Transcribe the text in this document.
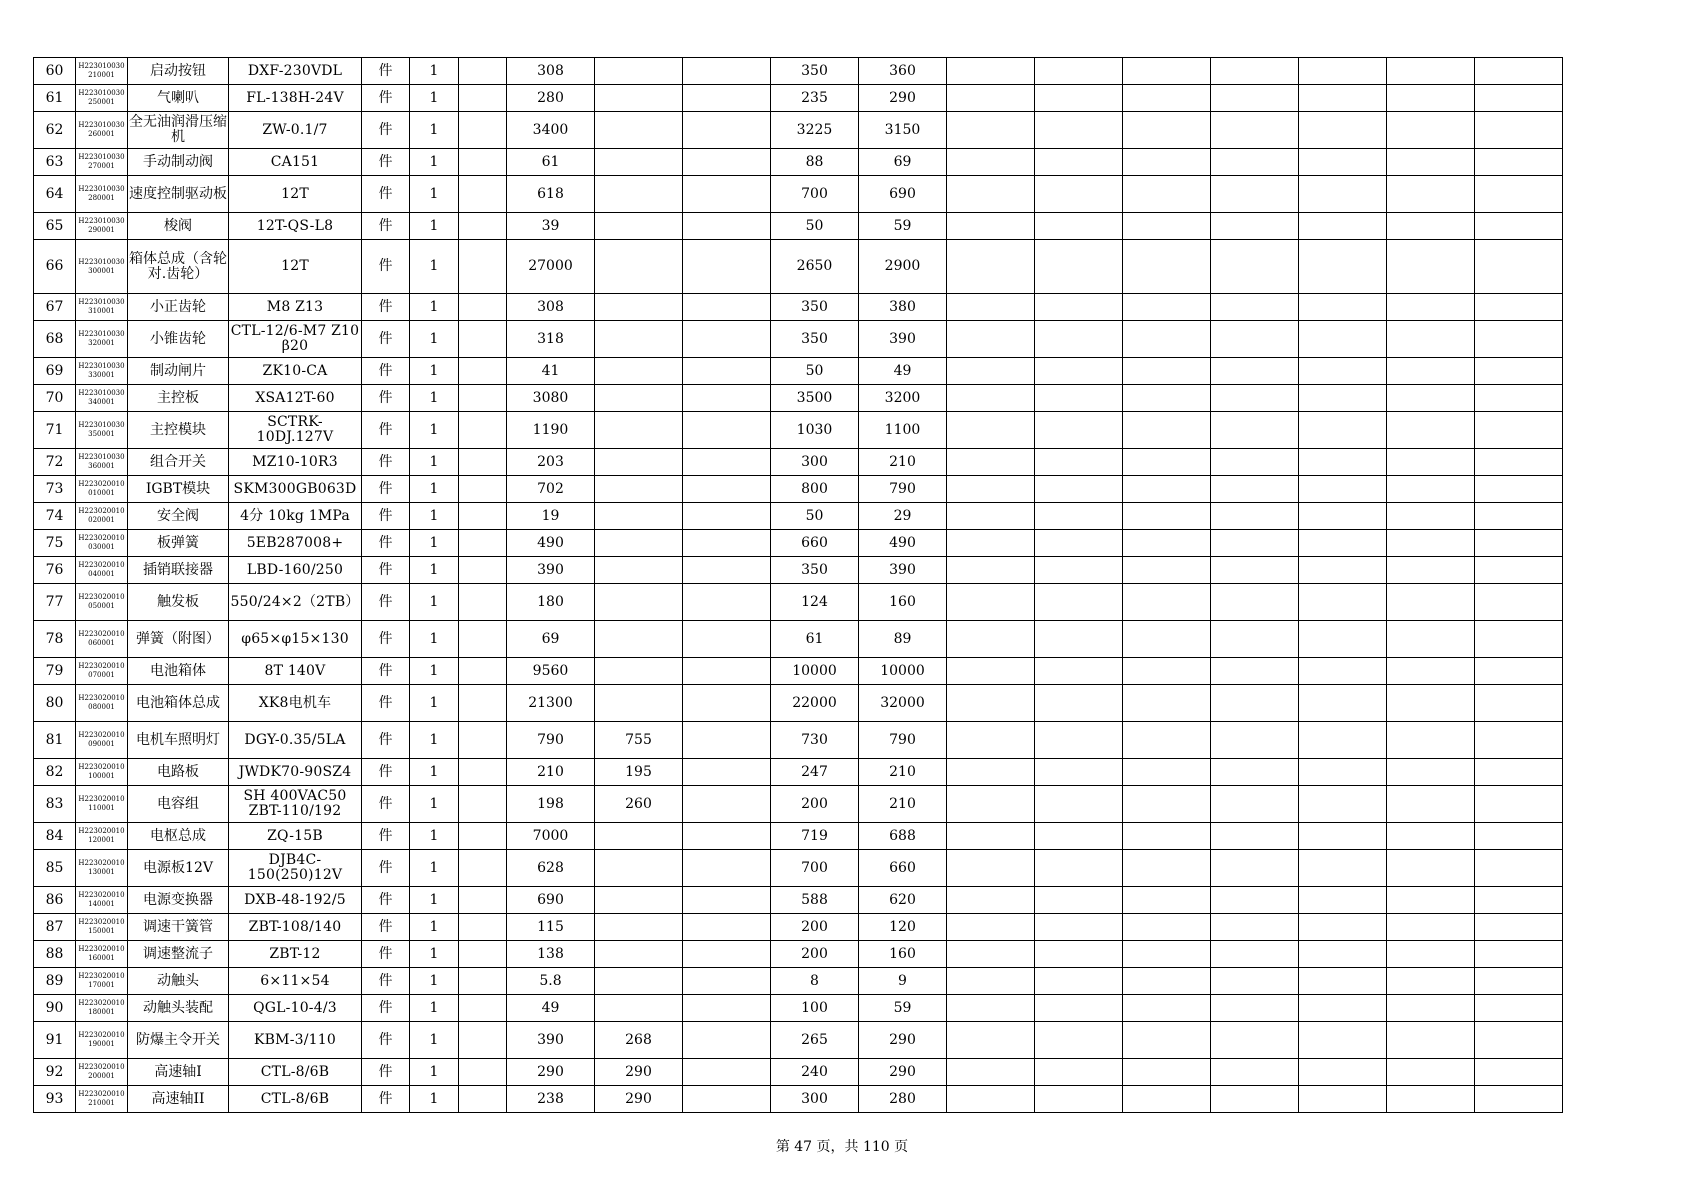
60	H223010030 210001	启动按钮	DXF-230VDL	件	1		308			350	360							
61	H223010030 250001	气喇叭	FL-138H-24V	件	1		280			235	290							
62	H223010030 260001	全无油润滑压缩机	ZW-0.1/7	件	1		3400			3225	3150							
63	H223010030 270001	手动制动阀	CA151	件	1		61			88	69							
64	H223010030 280001	速度控制驱动板	12T	件	1		618			700	690							
65	H223010030 290001	梭阀	12T-QS-L8	件	1		39			50	59							
66	H223010030 300001	箱体总成（含轮对.齿轮）	12T	件	1		27000			2650	2900							
67	H223010030 310001	小正齿轮	M8 Z13	件	1		308			350	380							
68	H223010030 320001	小锥齿轮	CTL-12/6-M7 Z10 β20	件	1		318			350	390							
69	H223010030 330001	制动闸片	ZK10-CA	件	1		41			50	49							
70	H223010030 340001	主控板	XSA12T-60	件	1		3080			3500	3200							
71	H223010030 350001	主控模块	SCTRK-10DJ.127V	件	1		1190			1030	1100							
72	H223010030 360001	组合开关	MZ10-10R3	件	1		203			300	210							
73	H223020010 010001	IGBT模块	SKM300GB063D	件	1		702			800	790							
74	H223020010 020001	安全阀	4分 10kg 1MPa	件	1		19			50	29							
75	H223020010 030001	板弹簧	5EB287008+	件	1		490			660	490							
76	H223020010 040001	插销联接器	LBD-160/250	件	1		390			350	390							
77	H223020010 050001	触发板	550/24×2（2TB）	件	1		180			124	160							
78	H223020010 060001	弹簧（附图）	φ65×φ15×130	件	1		69			61	89							
79	H223020010 070001	电池箱体	8T 140V	件	1		9560			10000	10000							
80	H223020010 080001	电池箱体总成	XK8电机车	件	1		21300			22000	32000							
81	H223020010 090001	电机车照明灯	DGY-0.35/5LA	件	1		790	755		730	790							
82	H223020010 100001	电路板	JWDK70-90SZ4	件	1		210	195		247	210							
83	H223020010 110001	电容组	SH 400VAC50 ZBT-110/192	件	1		198	260		200	210							
84	H223020010 120001	电枢总成	ZQ-15B	件	1		7000			719	688							
85	H223020010 130001	电源板12V	DJB4C-150(250)12V	件	1		628			700	660							
86	H223020010 140001	电源变换器	DXB-48-192/5	件	1		690			588	620							
87	H223020010 150001	调速干簧管	ZBT-108/140	件	1		115			200	120							
88	H223020010 160001	调速整流子	ZBT-12	件	1		138			200	160							
89	H223020010 170001	动触头	6×11×54	件	1		5.8			8	9							
90	H223020010 180001	动触头装配	QGL-10-4/3	件	1		49			100	59							
91	H223020010 190001	防爆主令开关	KBM-3/110	件	1		390	268		265	290							
92	H223020010 200001	高速轴I	CTL-8/6B	件	1		290	290		240	290							
93	H223020010 210001	高速轴II	CTL-8/6B	件	1		238	290		300	280							
第 47 页，共 110 页
